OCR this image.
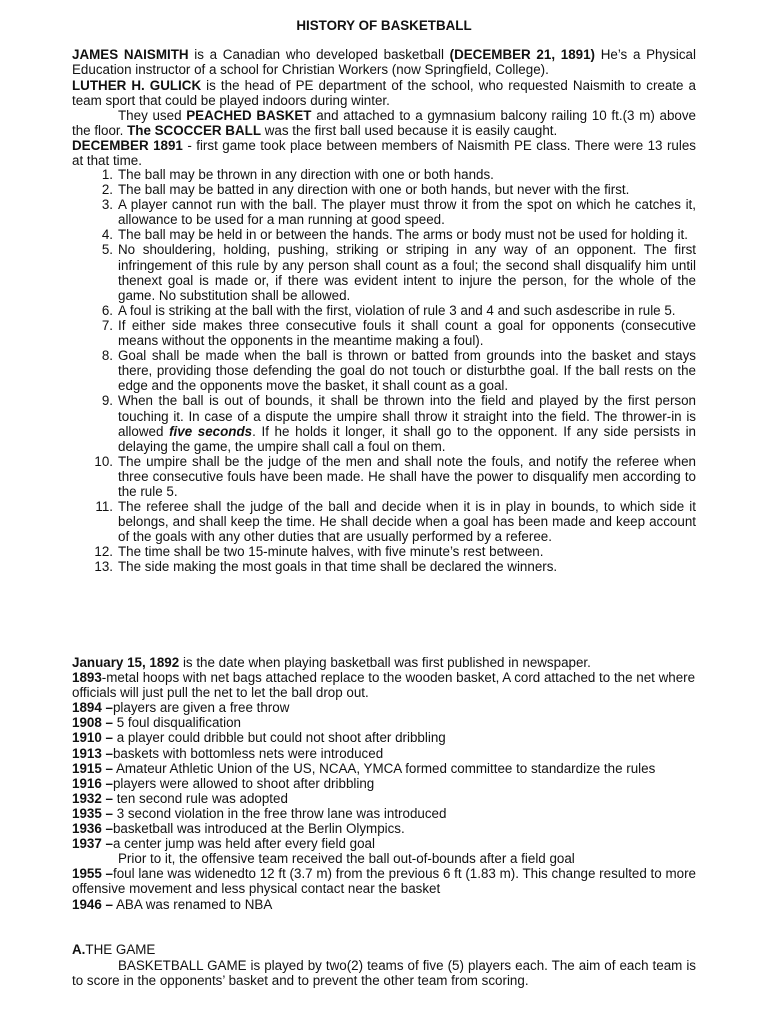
HISTORY OF BASKETBALL
JAMES NAISMITH is a Canadian who developed basketball (DECEMBER 21, 1891) He’s a Physical Education instructor of a school for Christian Workers (now Springfield, College).
LUTHER H. GULICK is the head of PE department of the school, who requested Naismith to create a team sport that could be played indoors during winter.
They used PEACHED BASKET and attached to a gymnasium balcony railing 10 ft.(3 m) above the floor. The SCOCCER BALL was the first ball used because it is easily caught.
DECEMBER 1891 - first game took place between members of Naismith PE class. There were 13 rules at that time.
1. The ball may be thrown in any direction with one or both hands.
2. The ball may be batted in any direction with one or both hands, but never with the first.
3. A player cannot run with the ball. The player must throw it from the spot on which he catches it, allowance to be used for a man running at good speed.
4. The ball may be held in or between the hands. The arms or body must not be used for holding it.
5. No shouldering, holding, pushing, striking or striping in any way of an opponent. The first infringement of this rule by any person shall count as a foul; the second shall disqualify him until thenext goal is made or, if there was evident intent to injure the person, for the whole of the game. No substitution shall be allowed.
6. A foul is striking at the ball with the first, violation of rule 3 and 4 and such asdescribe in rule 5.
7. If either side makes three consecutive fouls it shall count a goal for opponents (consecutive means without the opponents in the meantime making a foul).
8. Goal shall be made when the ball is thrown or batted from grounds into the basket and stays there, providing those defending the goal do not touch or disturbthe goal. If the ball rests on the edge and the opponents move the basket, it shall count as a goal.
9. When the ball is out of bounds, it shall be thrown into the field and played by the first person touching it. In case of a dispute the umpire shall throw it straight into the field. The thrower-in is allowed five seconds. If he holds it longer, it shall go to the opponent. If any side persists in delaying the game, the umpire shall call a foul on them.
10. The umpire shall be the judge of the men and shall note the fouls, and notify the referee when three consecutive fouls have been made. He shall have the power to disqualify men according to the rule 5.
11. The referee shall the judge of the ball and decide when it is in play in bounds, to which side it belongs, and shall keep the time. He shall decide when a goal has been made and keep account of the goals with any other duties that are usually performed by a referee.
12. The time shall be two 15-minute halves, with five minute’s rest between.
13. The side making the most goals in that time shall be declared the winners.
January 15, 1892 is the date when playing basketball was first published in newspaper.
1893-metal hoops with net bags attached replace to the wooden basket, A cord attached to the net where officials will just pull the net to let the ball drop out.
1894 –players are given a free throw
1908 – 5 foul disqualification
1910 – a player could dribble but could not shoot after dribbling
1913 –baskets with bottomless nets were introduced
1915 – Amateur Athletic Union of the US, NCAA, YMCA formed committee to standardize the rules
1916 –players were allowed to shoot after dribbling
1932 – ten second rule was adopted
1935 – 3 second violation in the free throw lane was introduced
1936 –basketball was introduced at the Berlin Olympics.
1937 –a center jump was held after every field goal
Prior to it, the offensive team received the ball out-of-bounds after a field goal
1955 –foul lane was widenedto 12 ft (3.7 m) from the previous 6 ft (1.83 m). This change resulted to more offensive movement and less physical contact near the basket
1946 – ABA was renamed to NBA
A.THE GAME
BASKETBALL GAME is played by two(2) teams of five (5) players each. The aim of each team is to score in the opponents’ basket and to prevent the other team from scoring.
